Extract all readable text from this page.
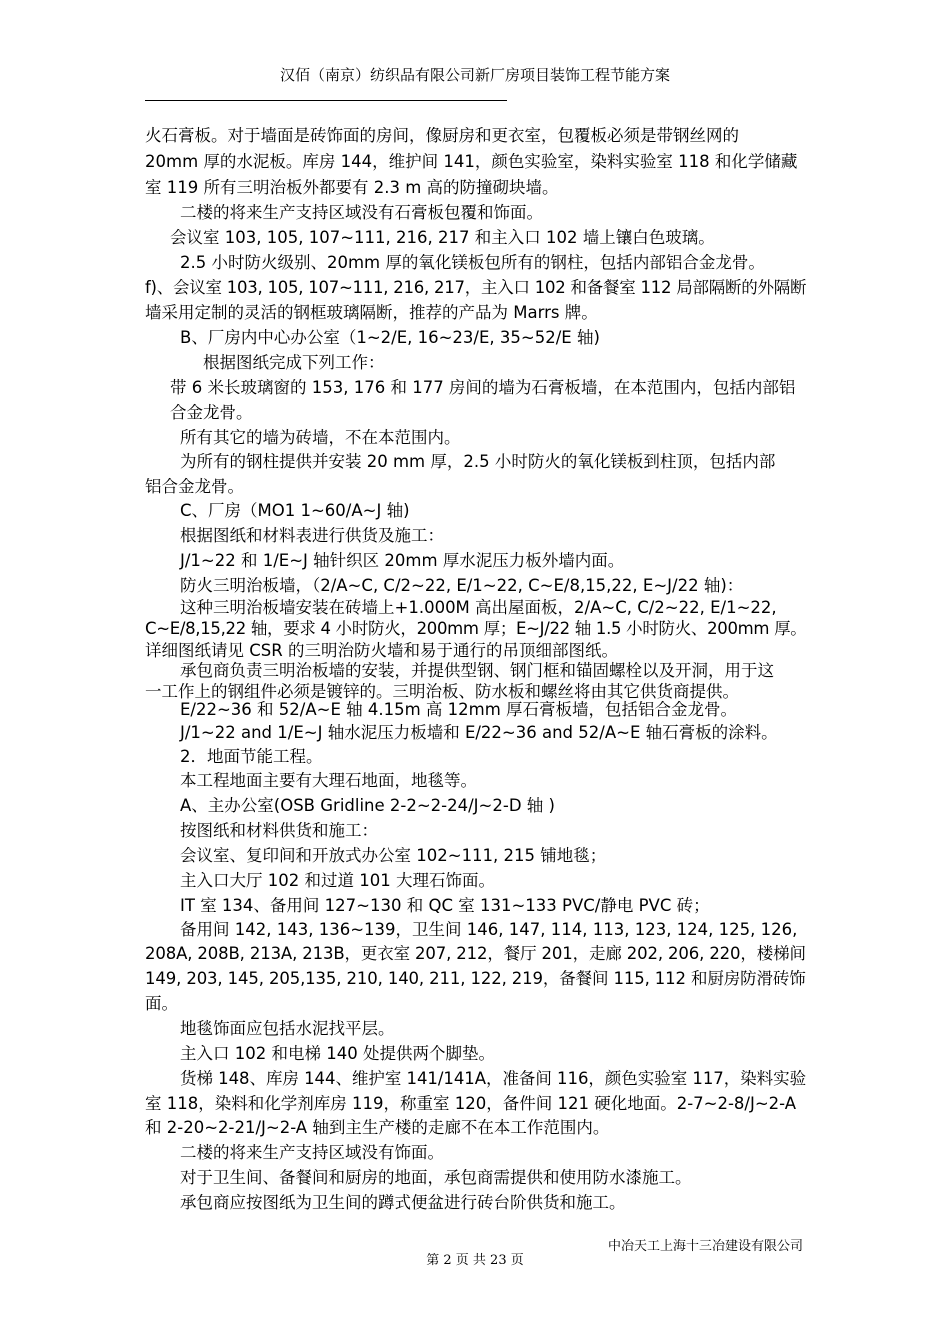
汉佰（南京）纺织品有限公司新厂房项目装饰工程节能方案
火石膏板。对于墙面是砖饰面的房间，像厨房和更衣室，包覆板必须是带钢丝网的
20mm 厚的水泥板。库房 144，维护间 141，颜色实验室，染料实验室 118 和化学储藏
室 119 所有三明治板外都要有 2.3 m 高的防撞砌块墙。
二楼的将来生产支持区域没有石膏板包覆和饰面。
会议室 103, 105, 107~111, 216, 217 和主入口 102 墙上镶白色玻璃。
2.5 小时防火级别、20mm 厚的氧化镁板包所有的钢柱，包括内部铝合金龙骨。
f)、会议室 103, 105, 107~111, 216, 217，主入口 102 和备餐室 112 局部隔断的外隔断
墙采用定制的灵活的钢框玻璃隔断，推荐的产品为 Marrs 牌。
B、厂房内中心办公室（1~2/E, 16~23/E, 35~52/E 轴)
根据图纸完成下列工作：
带 6 米长玻璃窗的 153, 176 和 177 房间的墙为石膏板墙，在本范围内，包括内部铝
合金龙骨。
所有其它的墙为砖墙，不在本范围内。
为所有的钢柱提供并安装 20 mm 厚，2.5 小时防火的氧化镁板到柱顶，包括内部
铝合金龙骨。
C、厂房（MO1 1~60/A~J 轴)
根据图纸和材料表进行供货及施工：
J/1~22 和 1/E~J 轴针织区 20mm 厚水泥压力板外墙内面。
防火三明治板墙，（2/A~C, C/2~22, E/1~22, C~E/8,15,22, E~J/22 轴)：
这种三明治板墙安装在砖墙上+1.000M 高出屋面板，2/A~C, C/2~22, E/1~22,
C~E/8,15,22 轴，要求 4 小时防火，200mm 厚；E~J/22 轴 1.5 小时防火、200mm 厚。
详细图纸请见 CSR 的三明治防火墙和易于通行的吊顶细部图纸。
承包商负责三明治板墙的安装，并提供型钢、钢门框和锚固螺栓以及开洞，用于这
一工作上的钢组件必须是镀锌的。三明治板、防水板和螺丝将由其它供货商提供。
E/22~36 和 52/A~E 轴 4.15m 高 12mm 厚石膏板墙，包括铝合金龙骨。
J/1~22 and 1/E~J 轴水泥压力板墙和 E/22~36 and 52/A~E 轴石膏板的涂料。
2．地面节能工程。
本工程地面主要有大理石地面，地毯等。
A、主办公室(OSB Gridline 2-2~2-24/J~2-D 轴 )
按图纸和材料供货和施工：
会议室、复印间和开放式办公室 102~111, 215 铺地毯；
主入口大厅 102 和过道 101 大理石饰面。
IT 室 134、备用间 127~130 和 QC 室 131~133 PVC/静电 PVC 砖；
备用间 142, 143, 136~139，卫生间 146, 147, 114, 113, 123, 124, 125, 126,
208A, 208B, 213A, 213B，更衣室 207, 212，餐厅 201，走廊 202, 206, 220，楼梯间
149, 203, 145, 205,135, 210, 140, 211, 122, 219，备餐间 115, 112 和厨房防滑砖饰
面。
地毯饰面应包括水泥找平层。
主入口 102 和电梯 140 处提供两个脚垫。
货梯 148、库房 144、维护室 141/141A，准备间 116，颜色实验室 117，染料实验
室 118，染料和化学剂库房 119，称重室 120，备件间 121 硬化地面。2-7~2-8/J~2-A
和 2-20~2-21/J~2-A 轴到主生产楼的走廊不在本工作范围内。
二楼的将来生产支持区域没有饰面。
对于卫生间、备餐间和厨房的地面，承包商需提供和使用防水漆施工。
承包商应按图纸为卫生间的蹲式便盆进行砖台阶供货和施工。
中冶天工上海十三冶建设有限公司
第 2 页 共 23 页
